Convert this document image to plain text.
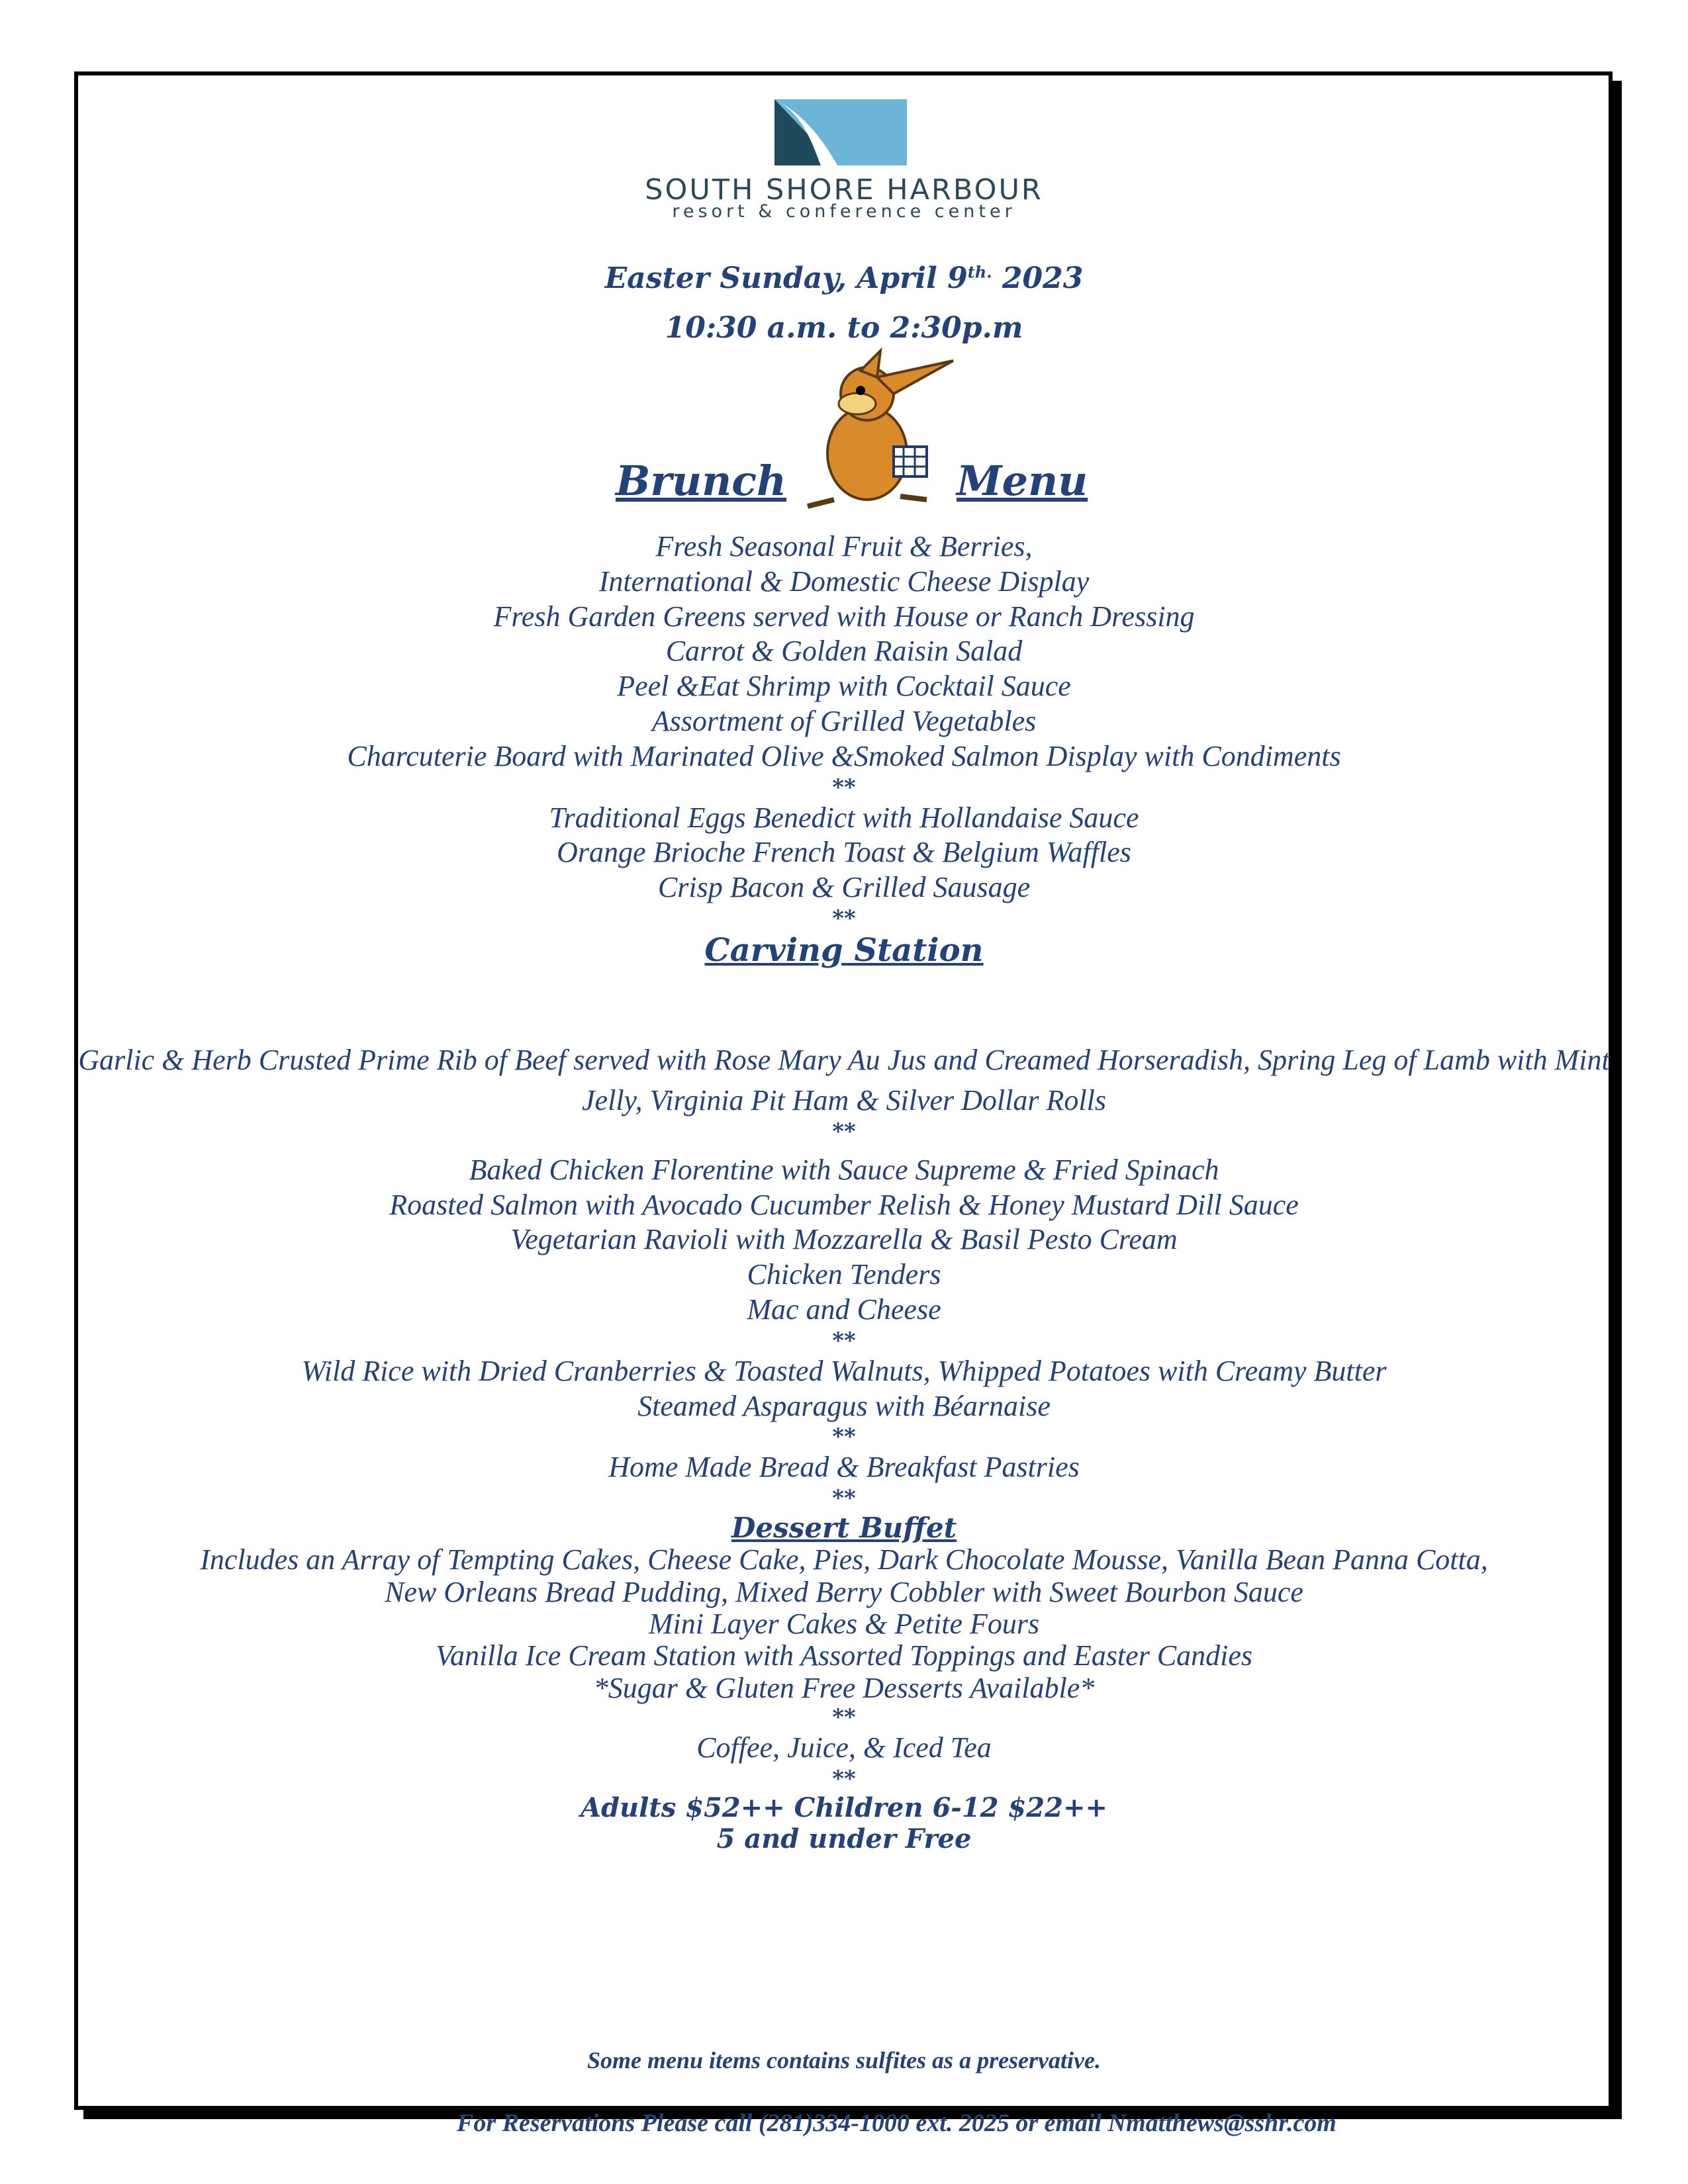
SOUTH SHORE HARBOUR
resort & conference center
Easter Sunday, April $9^{th.}$ 2023
10:30 a.m. to 2:30p.m
Brunch	Menu
Fresh Seasonal Fruit & Berries,
International & Domestic Cheese Display
Fresh Garden Greens served with House or Ranch Dressing
Carrot & Golden Raisin Salad
Peel &Eat Shrimp with Cocktail Sauce
Assortment of Grilled Vegetables
Charcuterie Board with Marinated Olive &Smoked Salmon Display with Condiments
**
Traditional Eggs Benedict with Hollandaise Sauce
Orange Brioche French Toast & Belgium Waffles
Crisp Bacon & Grilled Sausage
**
Carving Station
Garlic & Herb Crusted Prime Rib of Beef served with Rose Mary Au Jus and Creamed Horseradish, Spring Leg of Lamb with Mint
Jelly, Virginia Pit Ham & Silver Dollar Rolls
**
Baked Chicken Florentine with Sauce Supreme & Fried Spinach
Roasted Salmon with Avocado Cucumber Relish & Honey Mustard Dill Sauce
Vegetarian Ravioli with Mozzarella & Basil Pesto Cream
Chicken Tenders
Mac and Cheese
**
Wild Rice with Dried Cranberries & Toasted Walnuts, Whipped Potatoes with Creamy Butter
Steamed Asparagus with Béarnaise
**
Home Made Bread & Breakfast Pastries
**
Dessert Buffet
Includes an Array of Tempting Cakes, Cheese Cake, Pies, Dark Chocolate Mousse, Vanilla Bean Panna Cotta,
New Orleans Bread Pudding, Mixed Berry Cobbler with Sweet Bourbon Sauce
Mini Layer Cakes & Petite Fours
Vanilla Ice Cream Station with Assorted Toppings and Easter Candies
*Sugar & Gluten Free Desserts Available*
**
Coffee, Juice, & Iced Tea
**
Adults $52++ Children 6-12 $22++
5 and under Free
Some menu items contains sulfites as a preservative.
For Reservations Please call (281)334-1000 ext. 2025 or email Nmatthews@sshr.com
